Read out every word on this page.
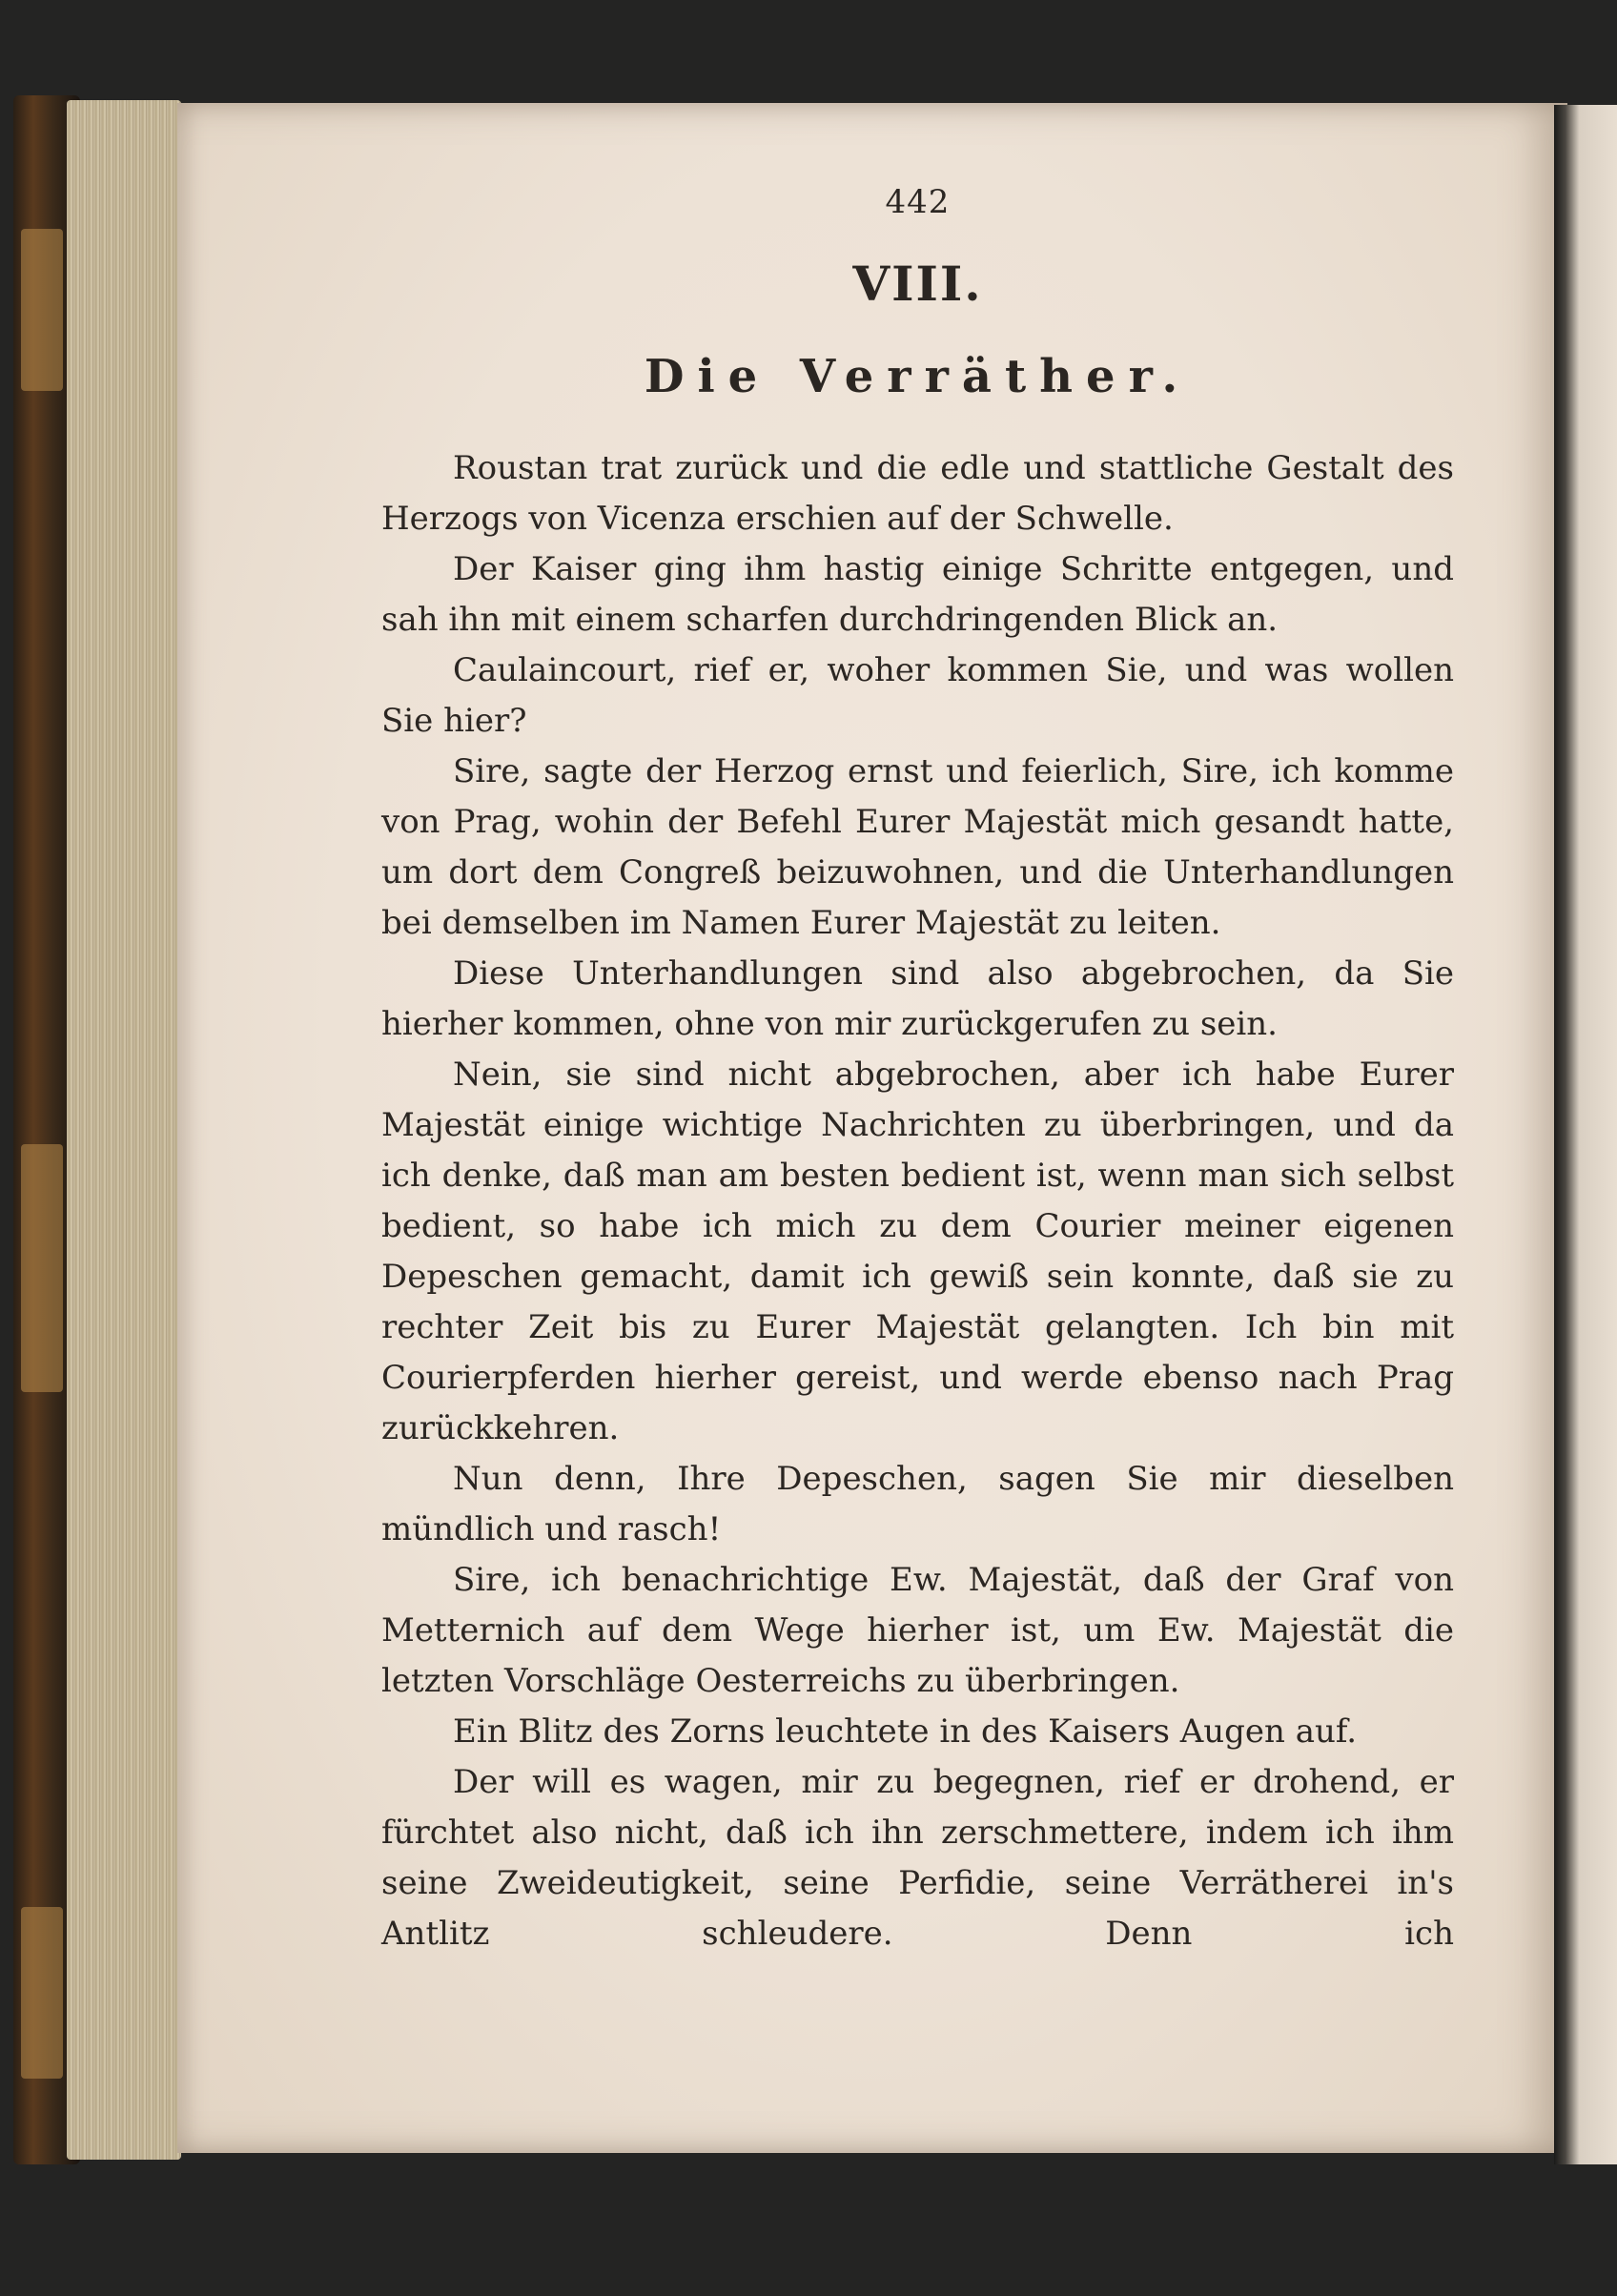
442
VIII.
Die Verräther.

Roustan trat zurück und die edle und stattliche Gestalt des Herzogs von Vicenza erschien auf der Schwelle.

Der Kaiser ging ihm hastig einige Schritte entgegen, und sah ihn mit einem scharfen durchdringenden Blick an.

Caulaincourt, rief er, woher kommen Sie, und was wollen Sie hier?

Sire, sagte der Herzog ernst und feierlich, Sire, ich komme von Prag, wohin der Befehl Eurer Majestät mich gesandt hatte, um dort dem Congreß beizuwohnen, und die Unterhandlungen bei demselben im Namen Eurer Majestät zu leiten.

Diese Unterhandlungen sind also abgebrochen, da Sie hierher kommen, ohne von mir zurückgerufen zu sein.

Nein, sie sind nicht abgebrochen, aber ich habe Eurer Majestät einige wichtige Nachrichten zu überbringen, und da ich denke, daß man am besten bedient ist, wenn man sich selbst bedient, so habe ich mich zu dem Courier meiner eigenen Depeschen gemacht, damit ich gewiß sein konnte, daß sie zu rechter Zeit bis zu Eurer Majestät gelangten. Ich bin mit Courierpferden hierher gereist, und werde ebenso nach Prag zurückkehren.

Nun denn, Ihre Depeschen, sagen Sie mir dieselben mündlich und rasch!

Sire, ich benachrichtige Ew. Majestät, daß der Graf von Metternich auf dem Wege hierher ist, um Ew. Majestät die letzten Vorschläge Oesterreichs zu überbringen.

Ein Blitz des Zorns leuchtete in des Kaisers Augen auf.

Der will es wagen, mir zu begegnen, rief er drohend, er fürchtet also nicht, daß ich ihn zerschmettere, indem ich ihm seine Zweideutigkeit, seine Perfidie, seine Verrätherei in's Antlitz schleudere. Denn ich
